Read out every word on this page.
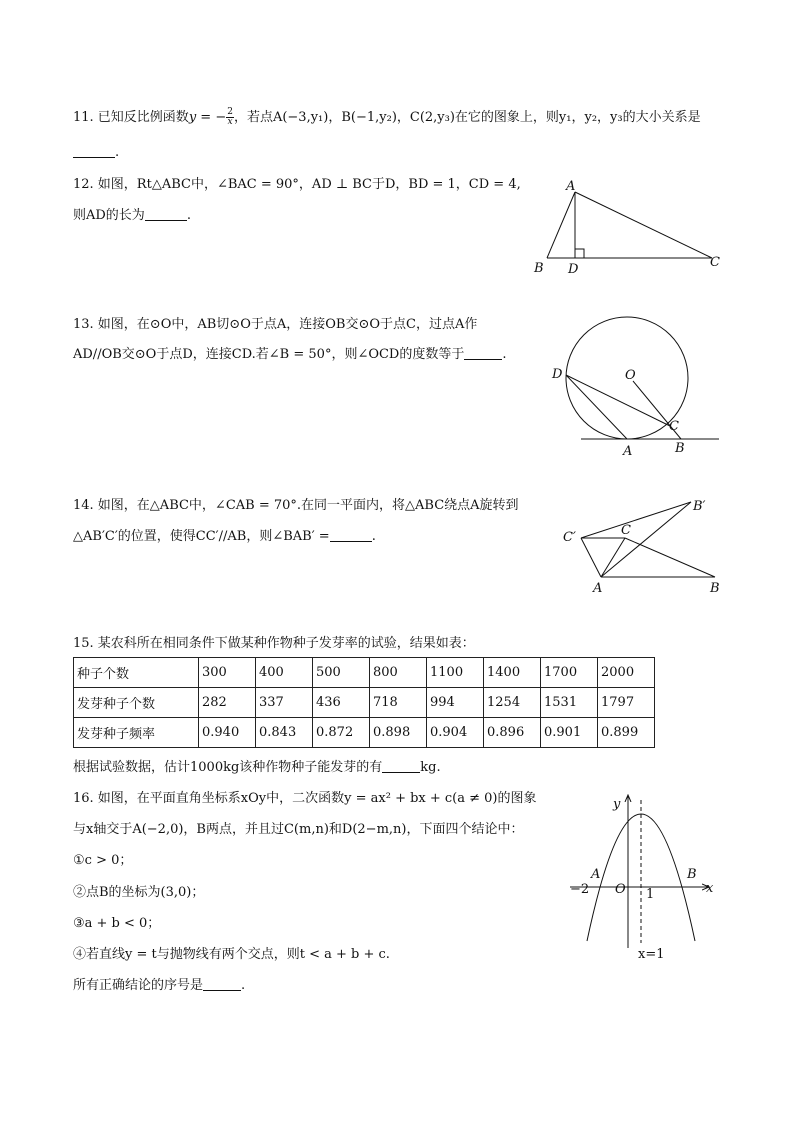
11. 已知反比例函数y = − $\frac{2}{x}$ ，若点A(−3,y₁)，B(−1,y₂)，C(2,y₃)在它的图象上，则y₁，y₂，y₃的大小关系是
.
12. 如图，Rt△ABC中，∠BAC = 90°，AD ⊥ BC于D，BD = 1，CD = 4,
则AD的长为	.
A
B D	C
13. 如图，在⊙O中，AB切⊙O于点A，连接OB交⊙O于点C，过点A作
AD//OB交⊙O于点D，连接CD.若∠B = 50°，则∠OCD的度数等于	.
O
D
C
A	B
14. 如图，在△ABC中，∠CAB = 70°.在同一平面内，将△ABC绕点A旋转到
△AB′C′的位置，使得CC′//AB，则∠BAB′ =	.
B′
C′	C
A	B
15. 某农科所在相同条件下做某种作物种子发芽率的试验，结果如表：
种子个数	300	400	500	800	1100	1400	1700	2000
发芽种子个数	282	337	436	718	994	1254	1531	1797
发芽种子频率	0.940	0.843	0.872	0.898	0.904	0.896	0.901	0.899
根据试验数据，估计1000kg该种作物种子能发芽的有	kg.
16. 如图，在平面直角坐标系xOy中，二次函数y = ax² + bx + c(a ≠ 0)的图象
与x轴交于A(−2,0)，B两点，并且过C(m,n)和D(2−m,n)，下面四个结论中：
①c > 0；
②点B的坐标为(3,0)；
③a + b < 0；
④若直线y = t与抛物线有两个交点，则t < a + b + c.
所有正确结论的序号是	.
y
x
A	B
O
−2	1
x=1
